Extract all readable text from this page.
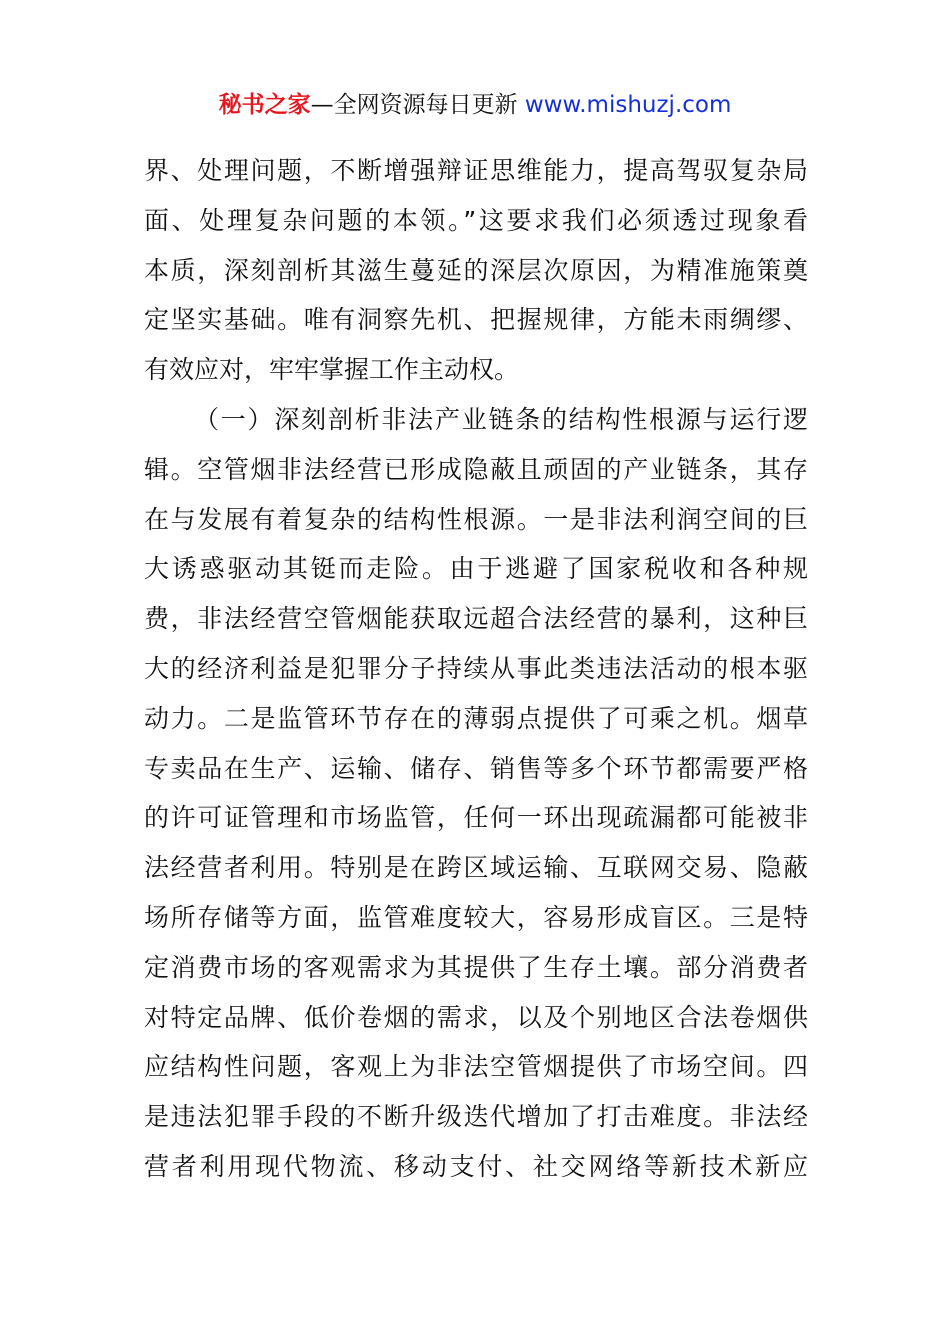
秘书之家—全网资源每日更新 www.mishuzj.com
界、处理问题，不断增强辩证思维能力，提高驾驭复杂局
面、处理复杂问题的本领。”这要求我们必须透过现象看
本质，深刻剖析其滋生蔓延的深层次原因，为精准施策奠
定坚实基础。唯有洞察先机、把握规律，方能未雨绸缪、
有效应对，牢牢掌握工作主动权。
（一）深刻剖析非法产业链条的结构性根源与运行逻
辑。空管烟非法经营已形成隐蔽且顽固的产业链条，其存
在与发展有着复杂的结构性根源。一是非法利润空间的巨
大诱惑驱动其铤而走险。由于逃避了国家税收和各种规
费，非法经营空管烟能获取远超合法经营的暴利，这种巨
大的经济利益是犯罪分子持续从事此类违法活动的根本驱
动力。二是监管环节存在的薄弱点提供了可乘之机。烟草
专卖品在生产、运输、储存、销售等多个环节都需要严格
的许可证管理和市场监管，任何一环出现疏漏都可能被非
法经营者利用。特别是在跨区域运输、互联网交易、隐蔽
场所存储等方面，监管难度较大，容易形成盲区。三是特
定消费市场的客观需求为其提供了生存土壤。部分消费者
对特定品牌、低价卷烟的需求，以及个别地区合法卷烟供
应结构性问题，客观上为非法空管烟提供了市场空间。四
是违法犯罪手段的不断升级迭代增加了打击难度。非法经
营者利用现代物流、移动支付、社交网络等新技术新应
